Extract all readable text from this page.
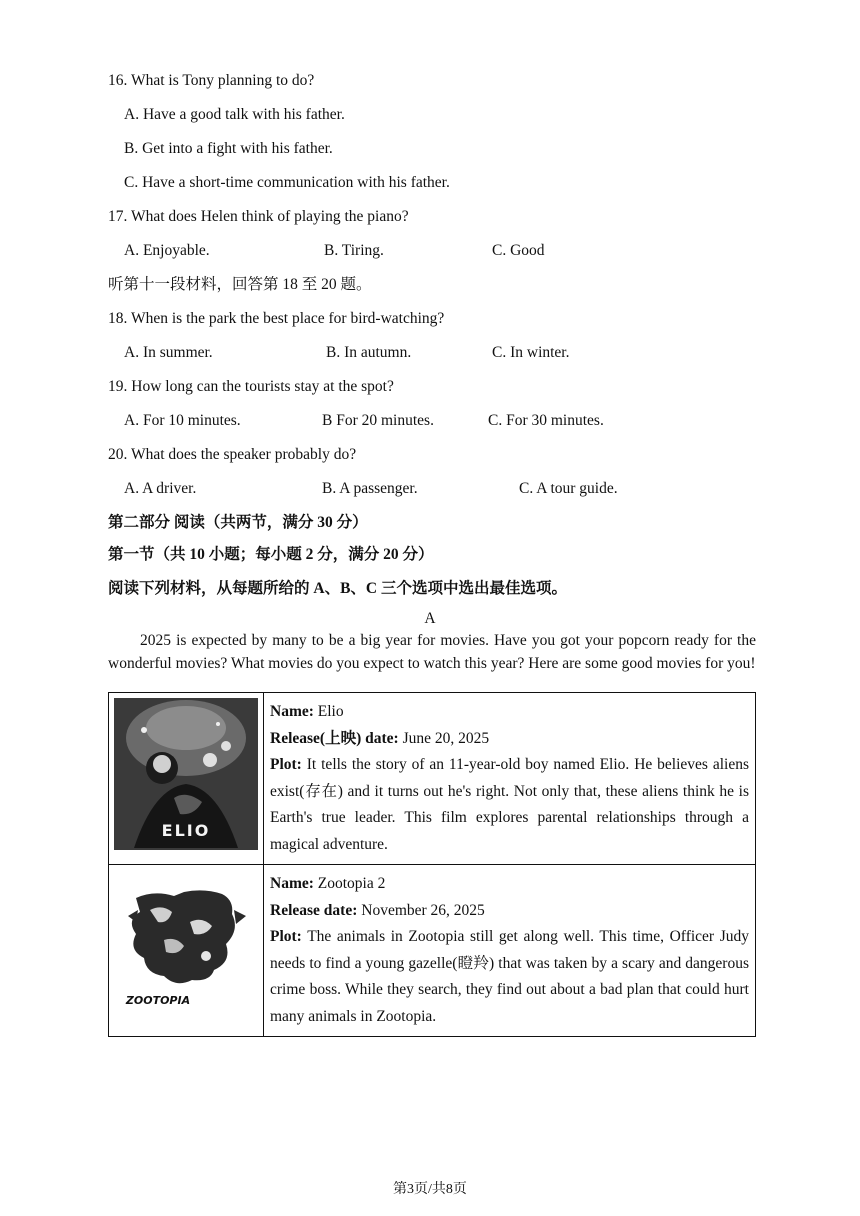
16. What is Tony planning to do?
A. Have a good talk with his father.
B. Get into a fight with his father.
C. Have a short-time communication with his father.
17. What does Helen think of playing the piano?
A. Enjoyable.	B. Tiring.	C. Good
听第十一段材料，回答第 18 至 20 题。
18. When is the park the best place for bird-watching?
A. In summer.	B. In autumn.	C. In winter.
19. How long can the tourists stay at the spot?
A. For 10 minutes.	B For 20 minutes.	C. For 30 minutes.
20. What does the speaker probably do?
A. A driver.	B. A passenger.	C. A tour guide.
第二部分 阅读（共两节，满分 30 分）
第一节（共 10 小题；每小题 2 分，满分 20 分）
阅读下列材料，从每题所给的 A、B、C 三个选项中选出最佳选项。
A
2025 is expected by many to be a big year for movies. Have you got your popcorn ready for the wonderful movies? What movies do you expect to watch this year? Here are some good movies for you!
ELIO	Name: Elio
Release(上映) date: June 20, 2025
Plot: It tells the story of an 11-year-old boy named Elio. He believes aliens exist(存在) and it turns out he's right. Not only that, these aliens think he is Earth's true leader. This film explores parental relationships through a magical adventure.

ZOOTOPIA	Name: Zootopia 2
Release date: November 26, 2025
Plot: The animals in Zootopia still get along well. This time, Officer Judy needs to find a young gazelle(瞪羚) that was taken by a scary and dangerous crime boss. While they search, they find out about a bad plan that could hurt many animals in Zootopia.
第3页/共8页
